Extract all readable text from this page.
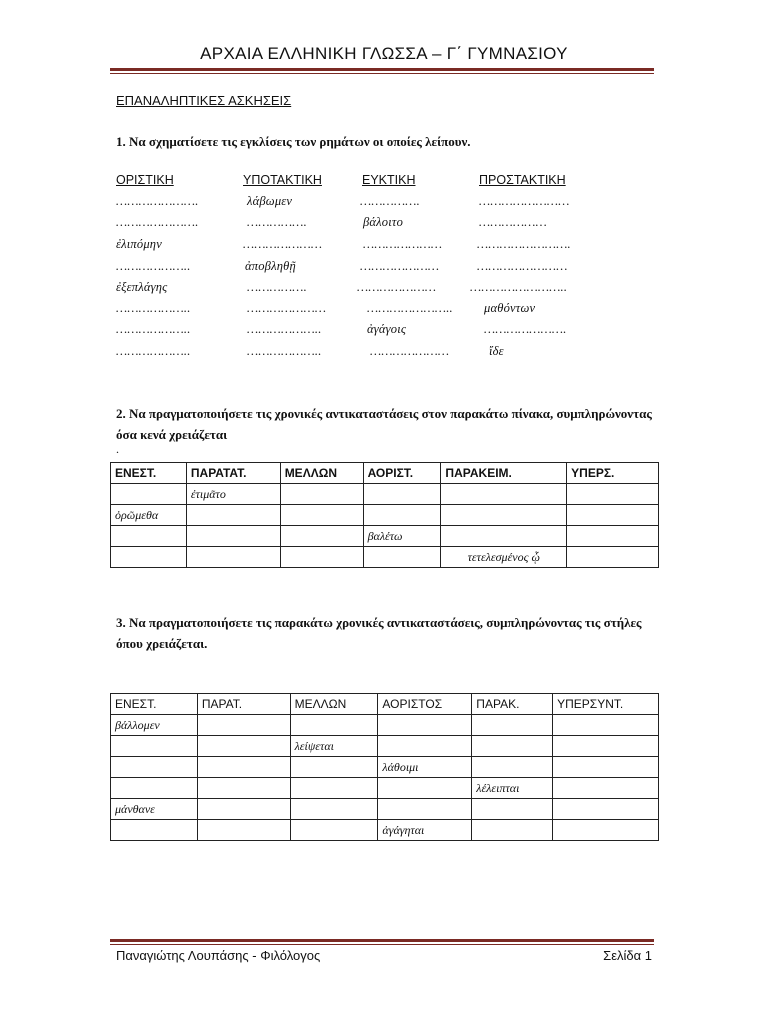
ΑΡΧΑΙΑ ΕΛΛΗΝΙΚΗ ΓΛΩΣΣΑ – Γ΄ ΓΥΜΝΑΣΙΟΥ
ΕΠΑΝΑΛΗΠΤΙΚΕΣ ΑΣΚΗΣΕΙΣ
1. Να σχηματίσετε τις εγκλίσεις των ρημάτων οι οποίες λείπουν.
ΟΡΙΣΤΙΚΗ	ΥΠΟΤΑΚΤΙΚΗ	ΕΥΚΤΙΚΗ	ΠΡΟΣΤΑΚΤΙΚΗ
………………….	λάβωμεν	…………….	……………………
………………….	…………….	βάλοιτο	………………
ἐλιπόμην	…………………	…………………	…………………….
………………..	ἀποβληθῇ	…………………	……………………
ἐξεπλάγης	…………….	…………………	……………………..
………………..	…………………	………………….. μαθόντων
………………..	………………..	ἀγάγοις	………………….
………………..	………………..	…………………	ἴδε
2. Να πραγματοποιήσετε τις χρονικές αντικαταστάσεις στον παρακάτω πίνακα, συμπληρώνοντας όσα κενά χρειάζεται
.
ΕΝΕΣΤ.	ΠΑΡΑΤΑΤ.	ΜΕΛΛΩΝ	ΑΟΡΙΣΤ.	ΠΑΡΑΚΕΙΜ.	ΥΠΕΡΣ.
	ἐτιμᾶτο				
ὁρῶμεθα					
			βαλέτω		
				τετελεσμένος ᾦ	
3. Να πραγματοποιήσετε τις παρακάτω χρονικές αντικαταστάσεις, συμπληρώνοντας τις στήλες όπου χρειάζεται.
ΕΝΕΣΤ.	ΠΑΡΑΤ.	ΜΕΛΛΩΝ	ΑΟΡΙΣΤΟΣ	ΠΑΡΑΚ.	ΥΠΕΡΣΥΝΤ.
βάλλομεν					
		λείψεται			
			λάθοιμι		
				λέλειπται	
μάνθανε					
			ἀγάγηται		
Παναγιώτης Λουπάσης - Φιλόλογος	Σελίδα 1
